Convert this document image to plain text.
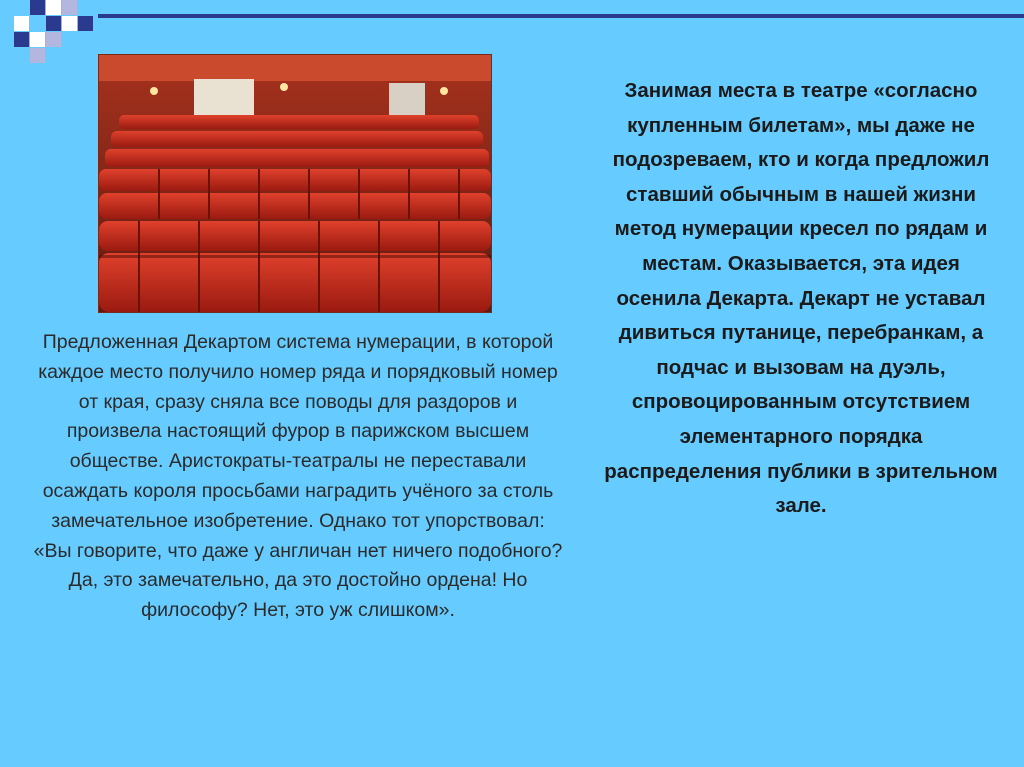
Предложенная Декартом система нумерации, в которой каждое место получило номер ряда и порядковый номер от края, сразу сняла все поводы для раздоров и произвела настоящий фурор в парижском высшем обществе. Аристократы-театралы не переставали осаждать короля просьбами наградить учёного за столь замечательное изобретение. Однако тот упорствовал: «Вы говорите, что даже у англичан нет ничего подобного? Да, это замечательно, да это достойно ордена! Но философу? Нет, это уж слишком».
Занимая места в театре «согласно купленным билетам», мы даже не подозреваем, кто и когда предложил ставший обычным в нашей жизни метод нумерации кресел по рядам и местам. Оказывается, эта идея осенила Декарта. Декарт не уставал дивиться путанице, перебранкам, а подчас и вызовам на дуэль, спровоцированным отсутствием элементарного порядка распределения публики в зрительном зале.
